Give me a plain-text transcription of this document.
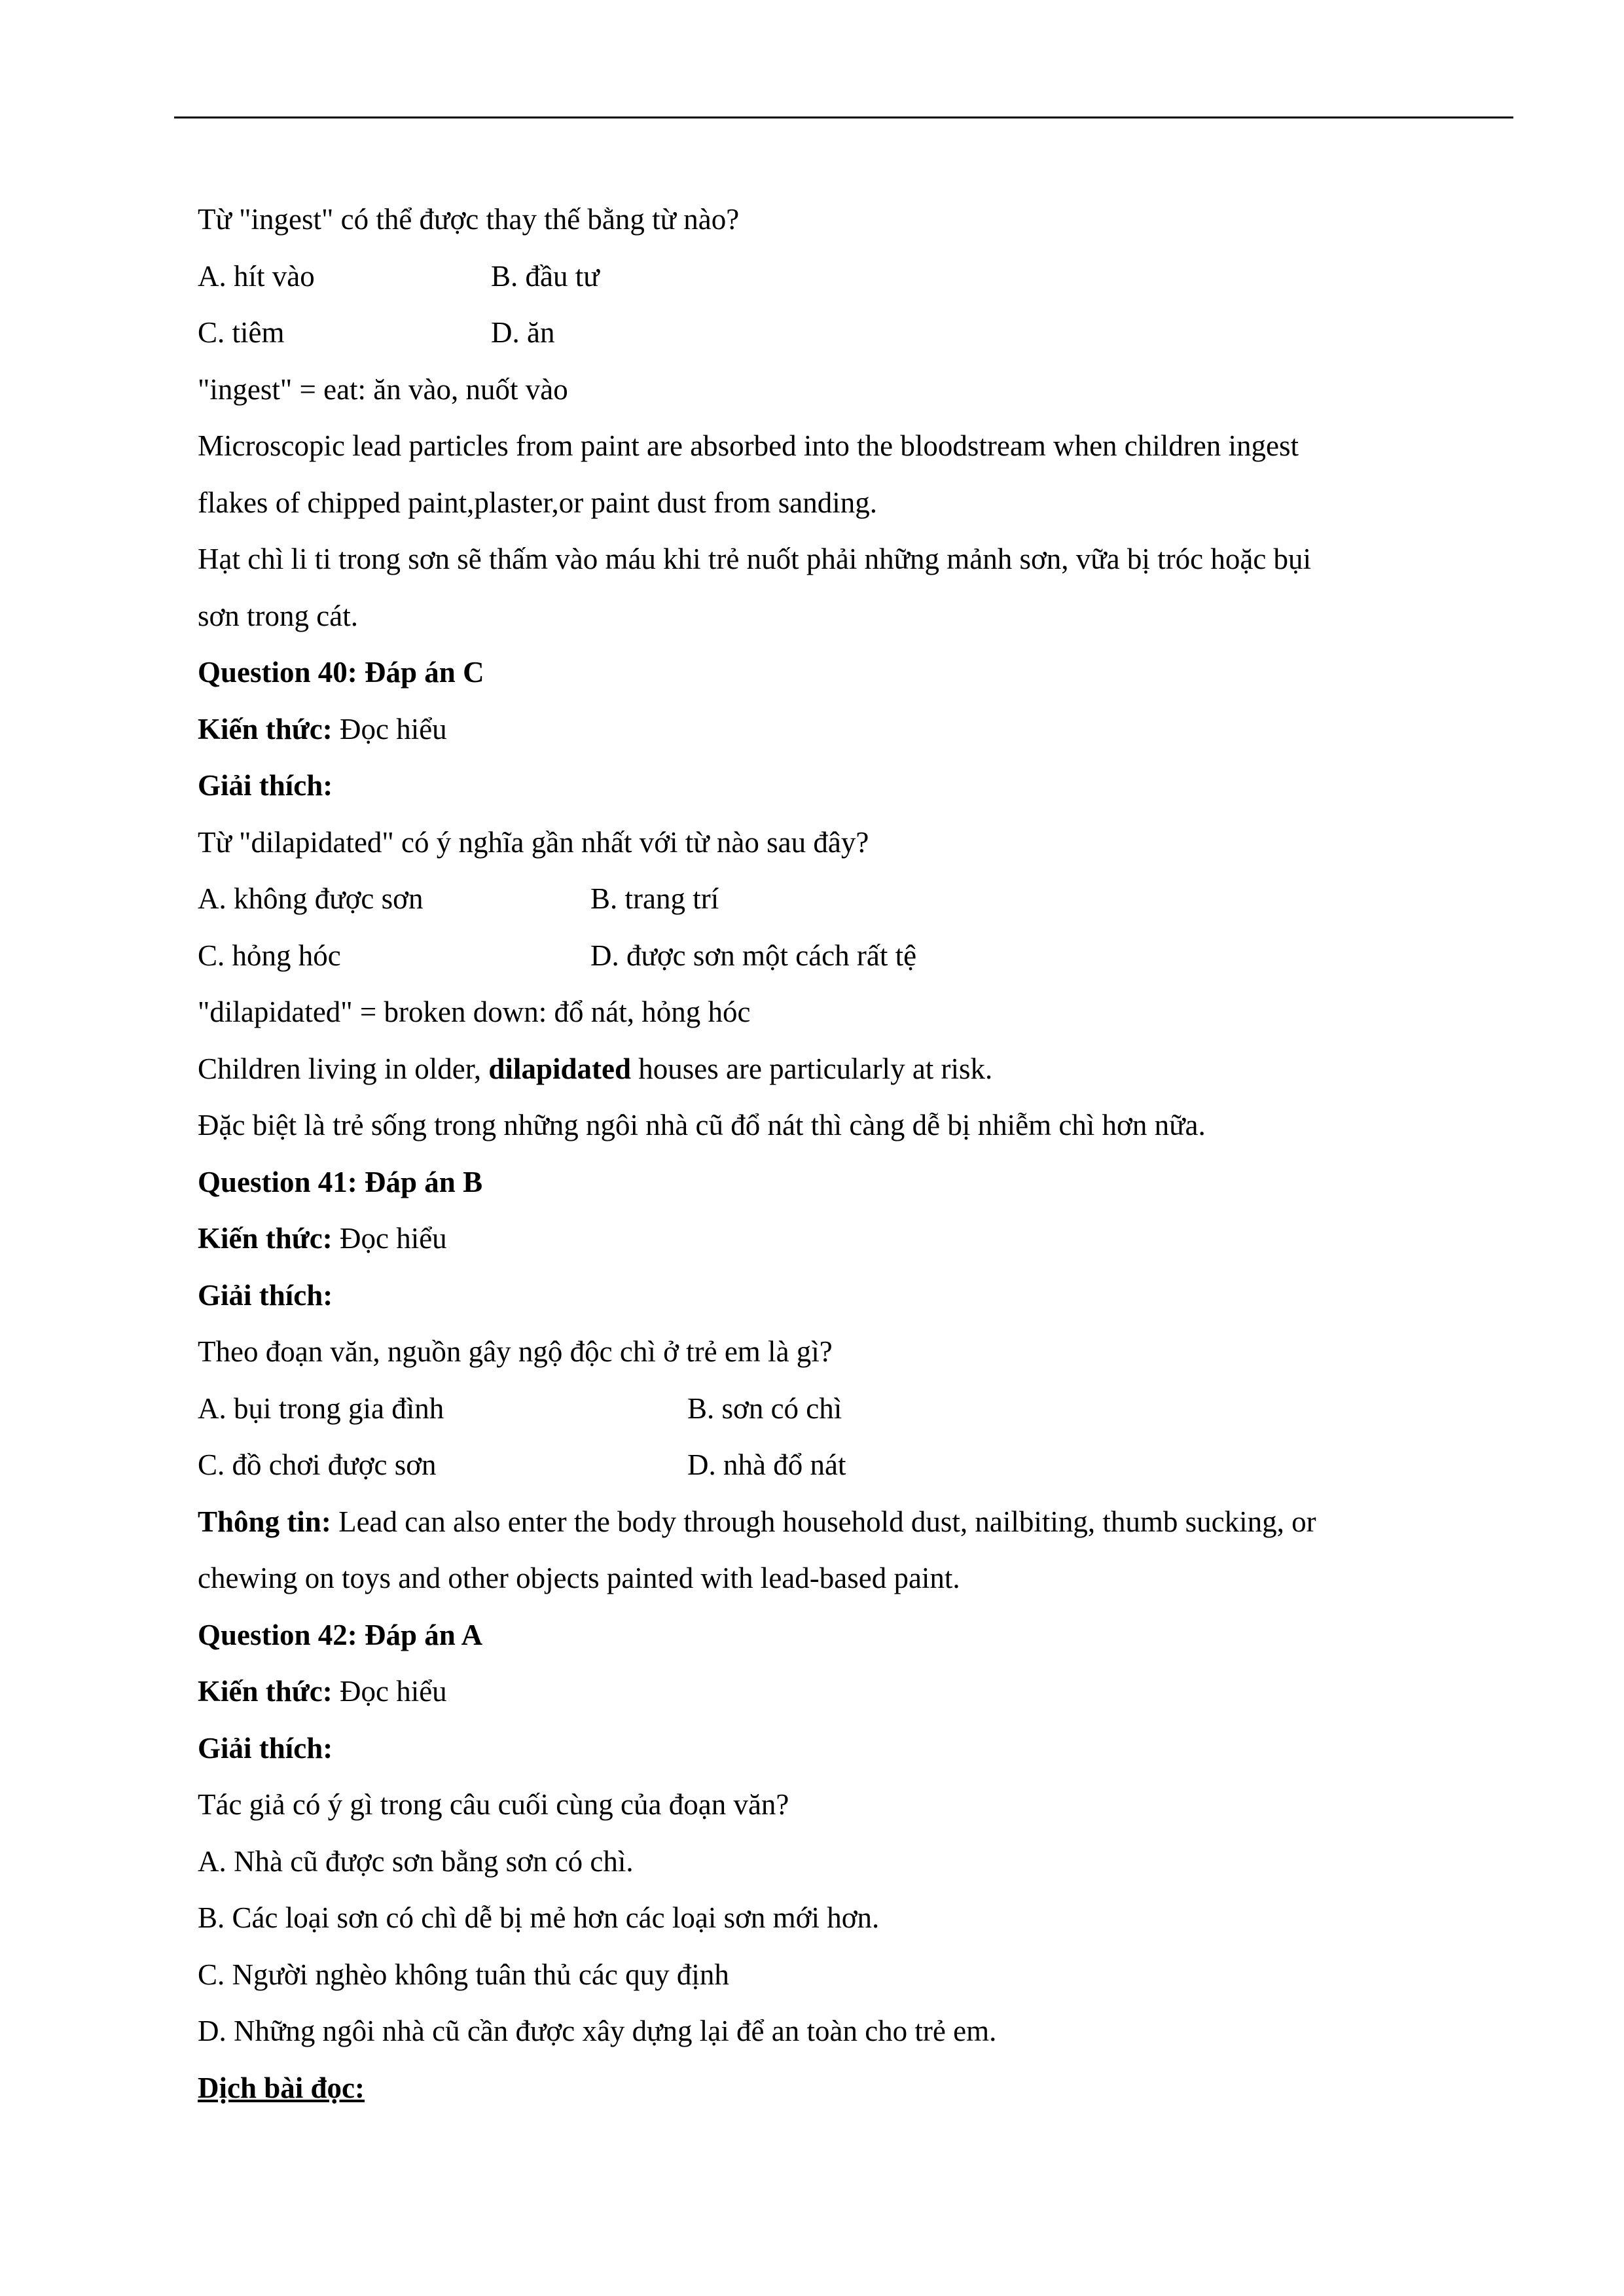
Từ "ingest" có thể được thay thế bằng từ nào?
A. hít vào	B. đầu tư
C. tiêm	D. ăn
"ingest" = eat: ăn vào, nuốt vào
Microscopic lead particles from paint are absorbed into the bloodstream when children ingest
flakes of chipped paint,plaster,or paint dust from sanding.
Hạt chì li ti trong sơn sẽ thấm vào máu khi trẻ nuốt phải những mảnh sơn, vữa bị tróc hoặc bụi
sơn trong cát.
Question 40: Đáp án C
Kiến thức: Đọc hiểu
Giải thích:
Từ "dilapidated" có ý nghĩa gần nhất với từ nào sau đây?
A. không được sơn	B. trang trí
C. hỏng hóc	D. được sơn một cách rất tệ
"dilapidated" = broken down: đổ nát, hỏng hóc
Children living in older, dilapidated houses are particularly at risk.
Đặc biệt là trẻ sống trong những ngôi nhà cũ đổ nát thì càng dễ bị nhiễm chì hơn nữa.
Question 41: Đáp án B
Kiến thức: Đọc hiểu
Giải thích:
Theo đoạn văn, nguồn gây ngộ độc chì ở trẻ em là gì?
A. bụi trong gia đình	B. sơn có chì
C. đồ chơi được sơn	D. nhà đổ nát
Thông tin: Lead can also enter the body through household dust, nailbiting, thumb sucking, or
chewing on toys and other objects painted with lead-based paint.
Question 42: Đáp án A
Kiến thức: Đọc hiểu
Giải thích:
Tác giả có ý gì trong câu cuối cùng của đoạn văn?
A. Nhà cũ được sơn bằng sơn có chì.
B. Các loại sơn có chì dễ bị mẻ hơn các loại sơn mới hơn.
C. Người nghèo không tuân thủ các quy định
D. Những ngôi nhà cũ cần được xây dựng lại để an toàn cho trẻ em.
Dịch bài đọc:
